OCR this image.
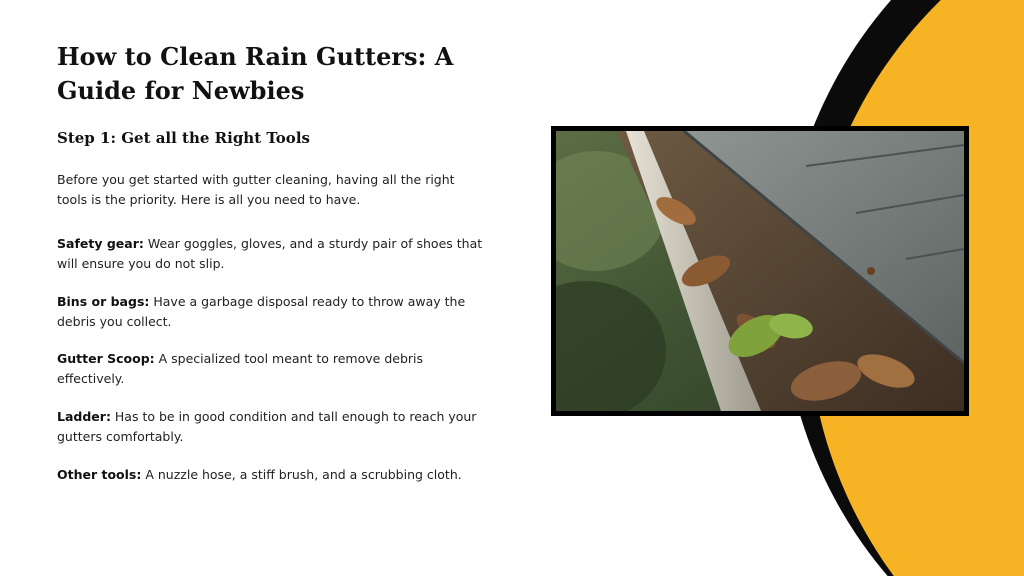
How to Clean Rain Gutters: A Guide for Newbies
Step 1: Get all the Right Tools

Before you get started with gutter cleaning, having all the right tools is the priority. Here is all you need to have.

Safety gear: Wear goggles, gloves, and a sturdy pair of shoes that will ensure you do not slip.

Bins or bags: Have a garbage disposal ready to throw away the debris you collect.

Gutter Scoop: A specialized tool meant to remove debris effectively.

Ladder: Has to be in good condition and tall enough to reach your gutters comfortably.

Other tools: A nuzzle hose, a stiff brush, and a scrubbing cloth.
